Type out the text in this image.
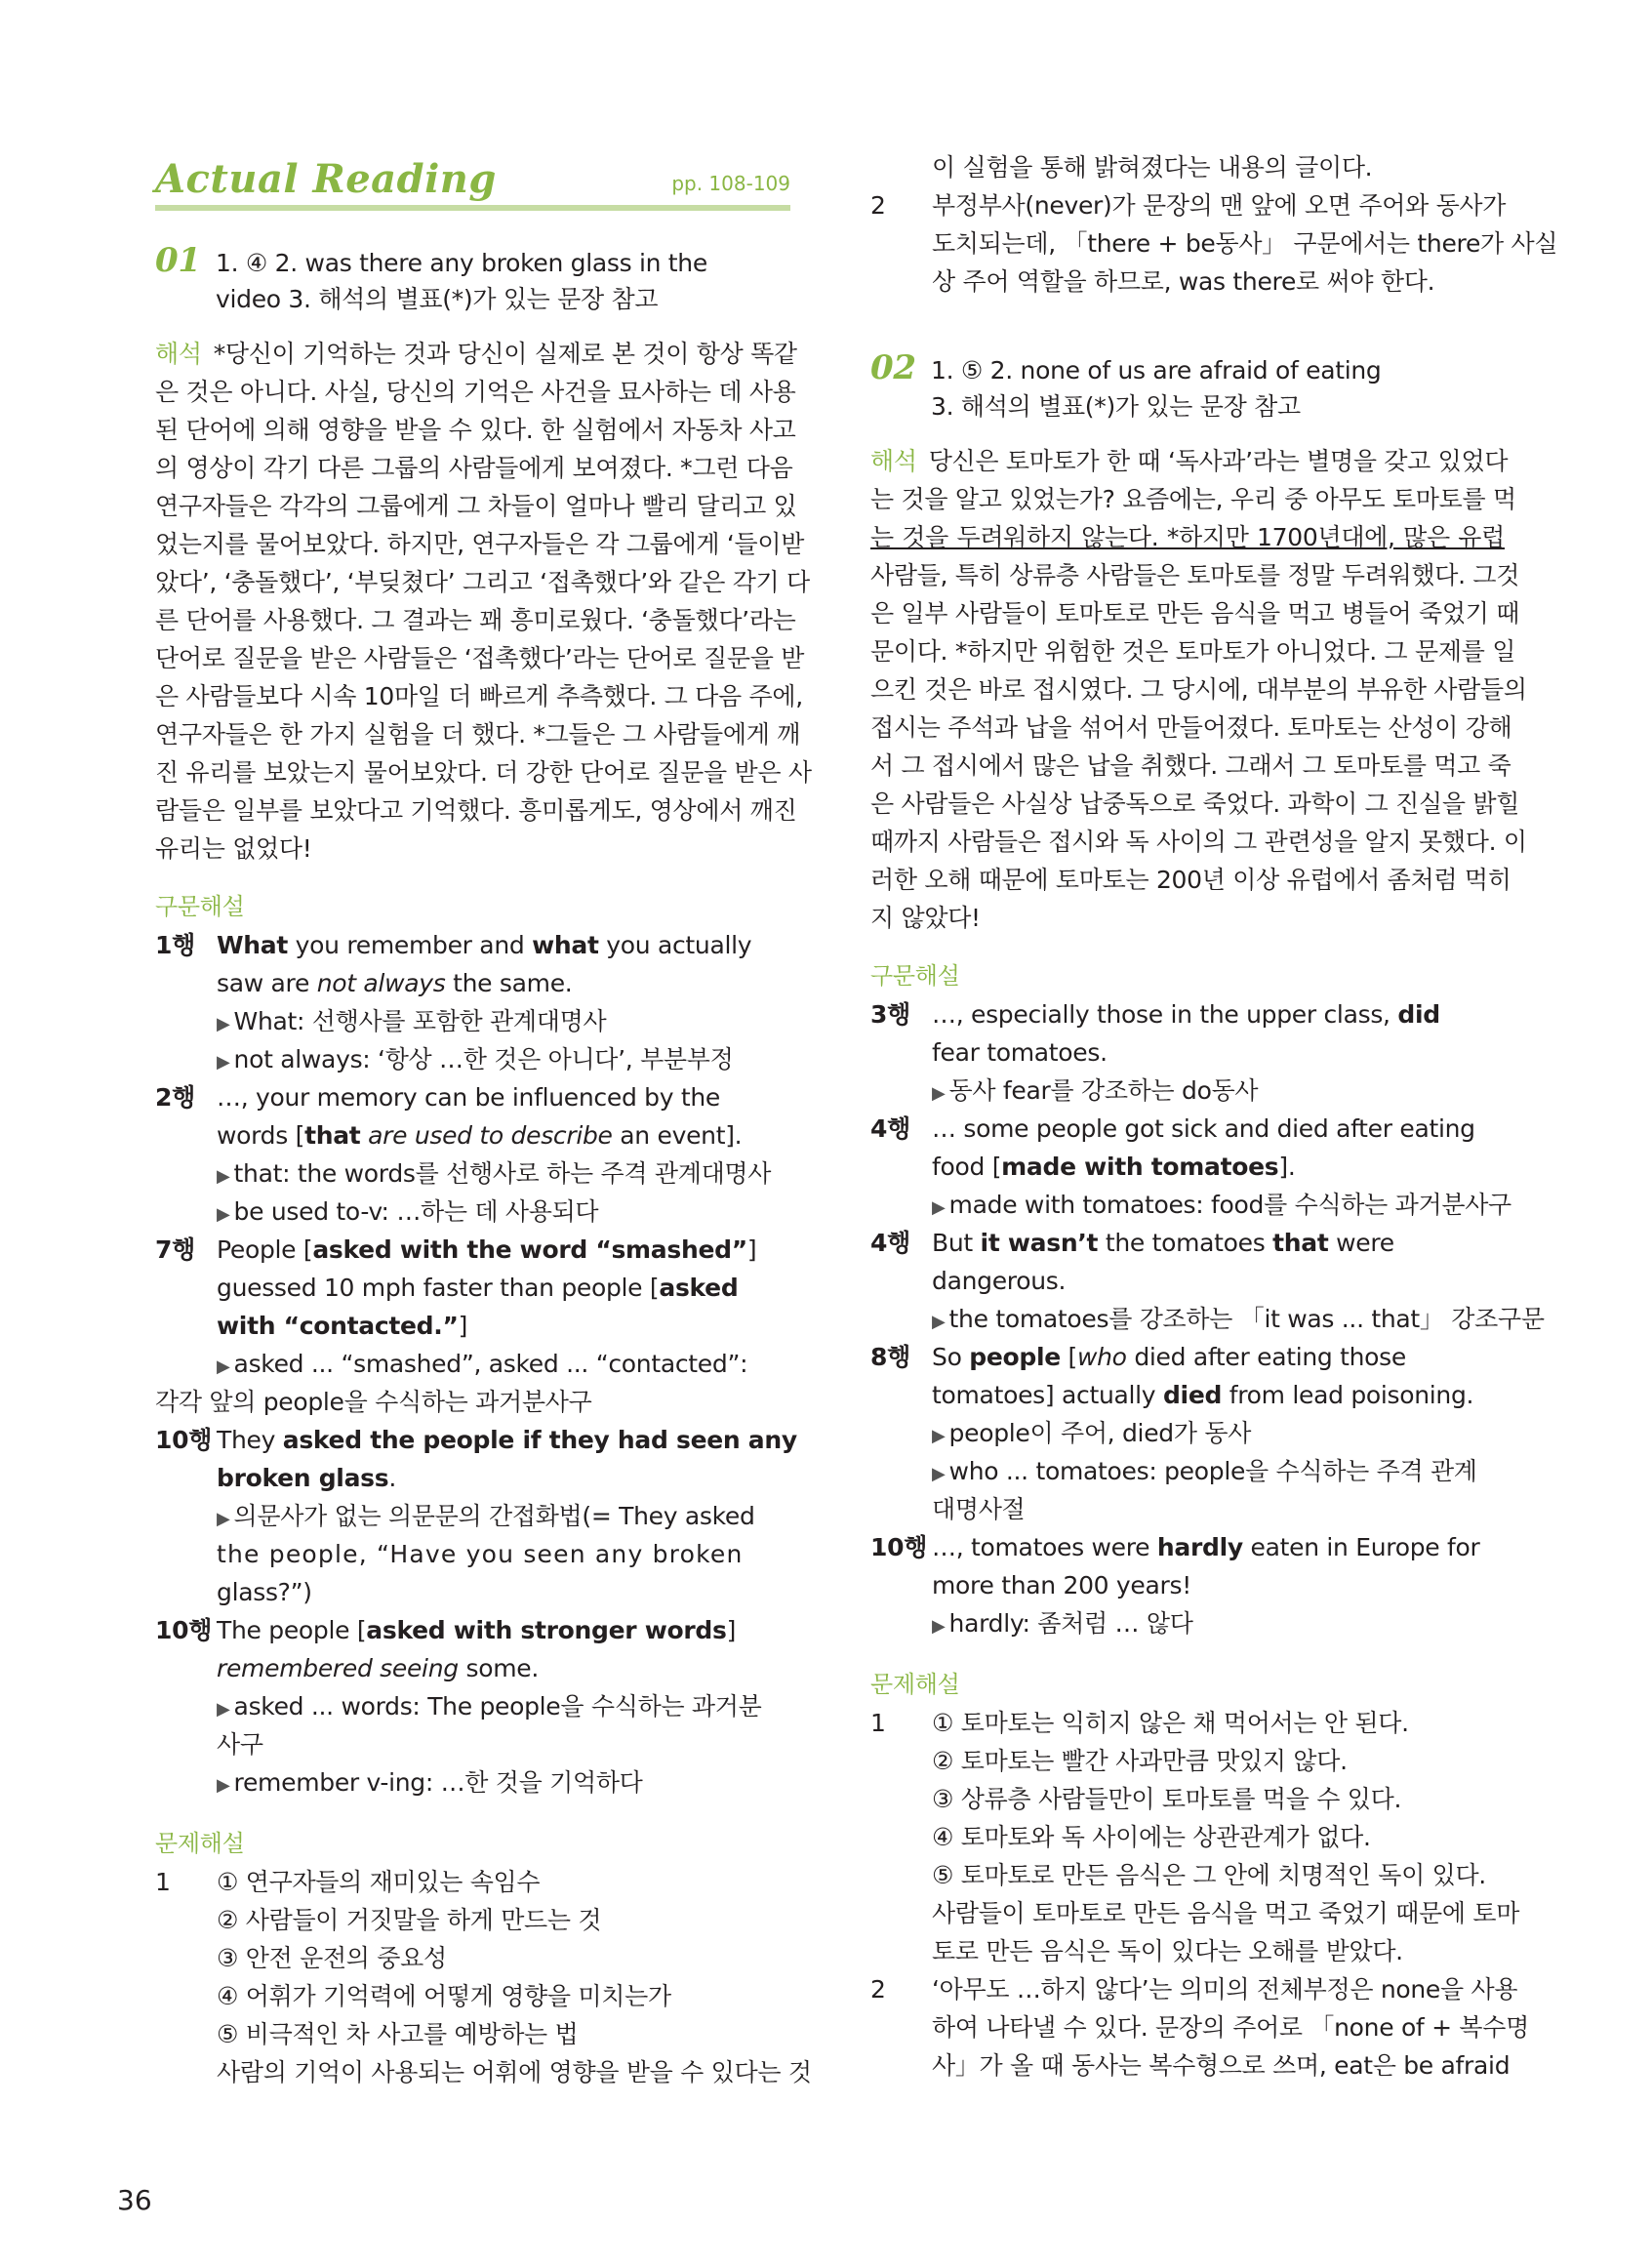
Actual Reading	pp. 108-109
01 1. ④ 2. was there any broken glass in the
video 3. 해석의 별표(*)가 있는 문장 참고
해석 *당신이 기억하는 것과 당신이 실제로 본 것이 항상 똑같
은 것은 아니다. 사실, 당신의 기억은 사건을 묘사하는 데 사용
된 단어에 의해 영향을 받을 수 있다. 한 실험에서 자동차 사고
의 영상이 각기 다른 그룹의 사람들에게 보여졌다. *그런 다음
연구자들은 각각의 그룹에게 그 차들이 얼마나 빨리 달리고 있
었는지를 물어보았다. 하지만, 연구자들은 각 그룹에게 ‘들이받
았다’, ‘충돌했다’, ‘부딪쳤다’ 그리고 ‘접촉했다’와 같은 각기 다
른 단어를 사용했다. 그 결과는 꽤 흥미로웠다. ‘충돌했다’라는
단어로 질문을 받은 사람들은 ‘접촉했다’라는 단어로 질문을 받
은 사람들보다 시속 10마일 더 빠르게 추측했다. 그 다음 주에,
연구자들은 한 가지 실험을 더 했다. *그들은 그 사람들에게 깨
진 유리를 보았는지 물어보았다. 더 강한 단어로 질문을 받은 사
람들은 일부를 보았다고 기억했다. 흥미롭게도, 영상에서 깨진
유리는 없었다!
구문해설
1행 What you remember and what you actually
saw are not always the same.
▶ What: 선행사를 포함한 관계대명사
▶ not always: ‘항상 …한 것은 아니다’, 부분부정
2행 …, your memory can be influenced by the
words [that are used to describe an event].
▶ that: the words를 선행사로 하는 주격 관계대명사
▶ be used to-v: …하는 데 사용되다
7행 People [asked with the word “smashed”]
guessed 10 mph faster than people [asked
with “contacted.”]
▶ asked ... “smashed”, asked ... “contacted”:
각각 앞의 people을 수식하는 과거분사구
10행 They asked the people if they had seen any
broken glass.
▶ 의문사가 없는 의문문의 간접화법(= They asked
the people, “Have you seen any broken
glass?”)
10행 The people [asked with stronger words]
remembered seeing some.
▶ asked ... words: The people을 수식하는 과거분
사구
▶ remember v-ing: …한 것을 기억하다
문제해설
1 ① 연구자들의 재미있는 속임수
② 사람들이 거짓말을 하게 만드는 것
③ 안전 운전의 중요성
④ 어휘가 기억력에 어떻게 영향을 미치는가
⑤ 비극적인 차 사고를 예방하는 법
사람의 기억이 사용되는 어휘에 영향을 받을 수 있다는 것
이 실험을 통해 밝혀졌다는 내용의 글이다.
2 부정부사(never)가 문장의 맨 앞에 오면 주어와 동사가
도치되는데, 「there + be동사」 구문에서는 there가 사실
상 주어 역할을 하므로, was there로 써야 한다.
02 1. ⑤ 2. none of us are afraid of eating
3. 해석의 별표(*)가 있는 문장 참고
해석 당신은 토마토가 한 때 ‘독사과’라는 별명을 갖고 있었다
는 것을 알고 있었는가? 요즘에는, 우리 중 아무도 토마토를 먹
는 것을 두려워하지 않는다. *하지만 1700년대에, 많은 유럽
사람들, 특히 상류층 사람들은 토마토를 정말 두려워했다. 그것
은 일부 사람들이 토마토로 만든 음식을 먹고 병들어 죽었기 때
문이다. *하지만 위험한 것은 토마토가 아니었다. 그 문제를 일
으킨 것은 바로 접시였다. 그 당시에, 대부분의 부유한 사람들의
접시는 주석과 납을 섞어서 만들어졌다. 토마토는 산성이 강해
서 그 접시에서 많은 납을 취했다. 그래서 그 토마토를 먹고 죽
은 사람들은 사실상 납중독으로 죽었다. 과학이 그 진실을 밝힐
때까지 사람들은 접시와 독 사이의 그 관련성을 알지 못했다. 이
러한 오해 때문에 토마토는 200년 이상 유럽에서 좀처럼 먹히
지 않았다!
구문해설
3행 …, especially those in the upper class, did
fear tomatoes.
▶ 동사 fear를 강조하는 do동사
4행 … some people got sick and died after eating
food [made with tomatoes].
▶ made with tomatoes: food를 수식하는 과거분사구
4행 But it wasn’t the tomatoes that were
dangerous.
▶ the tomatoes를 강조하는 「it was ... that」 강조구문
8행 So people [who died after eating those
tomatoes] actually died from lead poisoning.
▶ people이 주어, died가 동사
▶ who ... tomatoes: people을 수식하는 주격 관계
대명사절
10행 …, tomatoes were hardly eaten in Europe for
more than 200 years!
▶ hardly: 좀처럼 … 않다
문제해설
1 ① 토마토는 익히지 않은 채 먹어서는 안 된다.
② 토마토는 빨간 사과만큼 맛있지 않다.
③ 상류층 사람들만이 토마토를 먹을 수 있다.
④ 토마토와 독 사이에는 상관관계가 없다.
⑤ 토마토로 만든 음식은 그 안에 치명적인 독이 있다.
사람들이 토마토로 만든 음식을 먹고 죽었기 때문에 토마
토로 만든 음식은 독이 있다는 오해를 받았다.
2 ‘아무도 …하지 않다’는 의미의 전체부정은 none을 사용
하여 나타낼 수 있다. 문장의 주어로 「none of + 복수명
사」가 올 때 동사는 복수형으로 쓰며, eat은 be afraid
36
